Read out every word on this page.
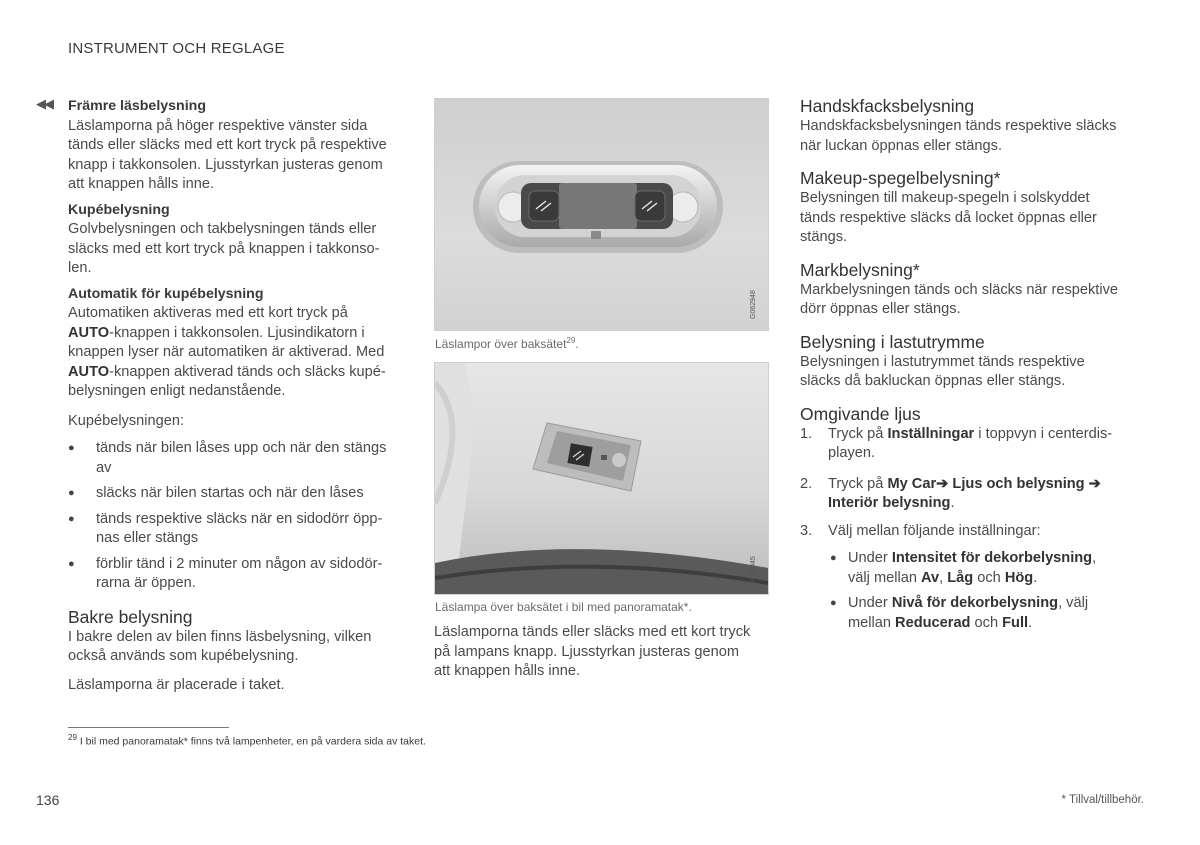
INSTRUMENT OCH REGLAGE
◀◀ Främre läsbelysning

Läslamporna på höger respektive vänster sida

tänds eller släcks med ett kort tryck på respektive

knapp i takkonsolen. Ljusstyrkan justeras genom

att knappen hålls inne.

Kupébelysning

Golvbelysningen och takbelysningen tänds eller

släcks med ett kort tryck på knappen i takkonso-

len.

Automatik för kupébelysning

Automatiken aktiveras med ett kort tryck på

AUTO-knappen i takkonsolen. Ljusindikatorn i

knappen lyser när automatiken är aktiverad. Med

AUTO-knappen aktiverad tänds och släcks kupé-

belysningen enligt nedanstående.

Kupébelysningen:

● tänds när bilen låses upp och när den stängs
av
● släcks när bilen startas och när den låses
● tänds respektive släcks när en sidodörr öpp-
nas eller stängs
● förblir tänd i 2 minuter om någon av sidodör-
rarna är öppen.

Bakre belysning

I bakre delen av bilen finns läsbelysning, vilken

också används som kupébelysning.

Läslamporna är placerade i taket.

G062948
Läslampor över baksätet$^{29}$.
G062945
Läslampa över baksätet i bil med panoramatak*.

Läslamporna tänds eller släcks med ett kort tryck

på lampans knapp. Ljusstyrkan justeras genom

att knappen hålls inne.

Handskfacksbelysning

Handskfacksbelysningen tänds respektive släcks

när luckan öppnas eller stängs.

Makeup-spegelbelysning*

Belysningen till makeup-spegeln i solskyddet

tänds respektive släcks då locket öppnas eller

stängs.

Markbelysning*

Markbelysningen tänds och släcks när respektive

dörr öppnas eller stängs.

Belysning i lastutrymme

Belysningen i lastutrymmet tänds respektive

släcks då bakluckan öppnas eller stängs.

Omgivande ljus

1. Tryck på Inställningar i toppvyn i centerdis-
playen.
2. Tryck på My Car➔ Ljus och belysning ➔
Interiör belysning.
3. Välj mellan följande inställningar:
● Under Intensitet för dekorbelysning,
välj mellan Av, Låg och Hög.
● Under Nivå för dekorbelysning, välj
mellan Reducerad och Full.
$^{29}$ I bil med panoramatak* finns två lampenheter, en på vardera sida av taket.
136	* Tillval/tillbehör.
